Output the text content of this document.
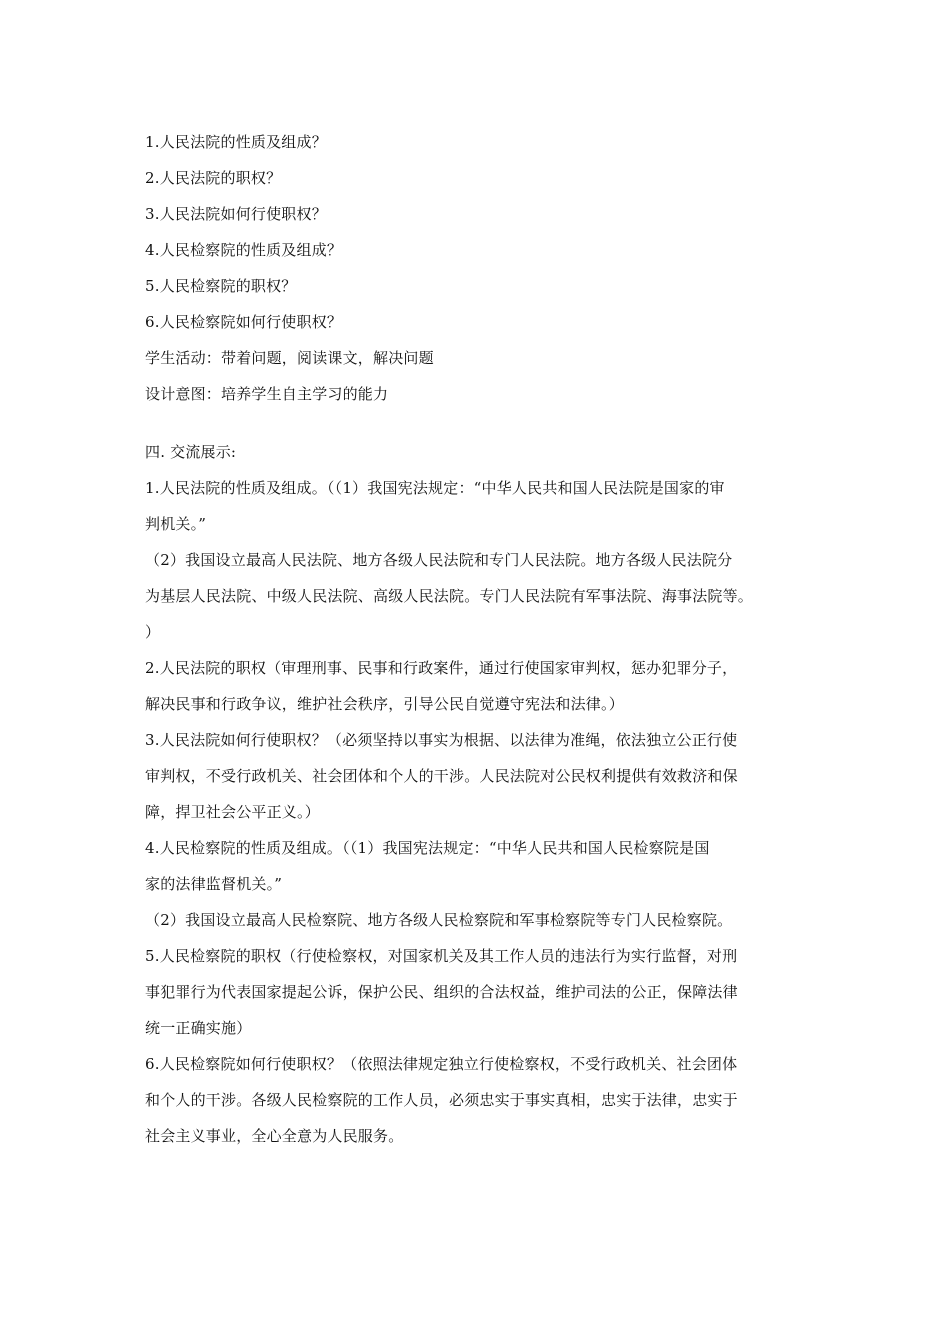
1.人民法院的性质及组成？
2.人民法院的职权？
3.人民法院如何行使职权？
4.人民检察院的性质及组成？
5.人民检察院的职权？
6.人民检察院如何行使职权？
学生活动：带着问题，阅读课文，解决问题
设计意图：培养学生自主学习的能力
四. 交流展示:
1.人民法院的性质及组成。（（1）我国宪法规定：“中华人民共和国人民法院是国家的审
判机关。”
（2）我国设立最高人民法院、地方各级人民法院和专门人民法院。地方各级人民法院分
为基层人民法院、中级人民法院、高级人民法院。专门人民法院有军事法院、海事法院等。
）
2.人民法院的职权（审理刑事、民事和行政案件，通过行使国家审判权，惩办犯罪分子，
解决民事和行政争议，维护社会秩序，引导公民自觉遵守宪法和法律。）
3.人民法院如何行使职权？（必须坚持以事实为根据、以法律为准绳，依法独立公正行使
审判权，不受行政机关、社会团体和个人的干涉。人民法院对公民权利提供有效救济和保
障，捍卫社会公平正义。）
4.人民检察院的性质及组成。（（1）我国宪法规定：“中华人民共和国人民检察院是国
家的法律监督机关。”
（2）我国设立最高人民检察院、地方各级人民检察院和军事检察院等专门人民检察院。
5.人民检察院的职权（行使检察权，对国家机关及其工作人员的违法行为实行监督，对刑
事犯罪行为代表国家提起公诉，保护公民、组织的合法权益，维护司法的公正，保障法律
统一正确实施）
6.人民检察院如何行使职权？（依照法律规定独立行使检察权，不受行政机关、社会团体
和个人的干涉。各级人民检察院的工作人员，必须忠实于事实真相，忠实于法律，忠实于
社会主义事业，全心全意为人民服务。
